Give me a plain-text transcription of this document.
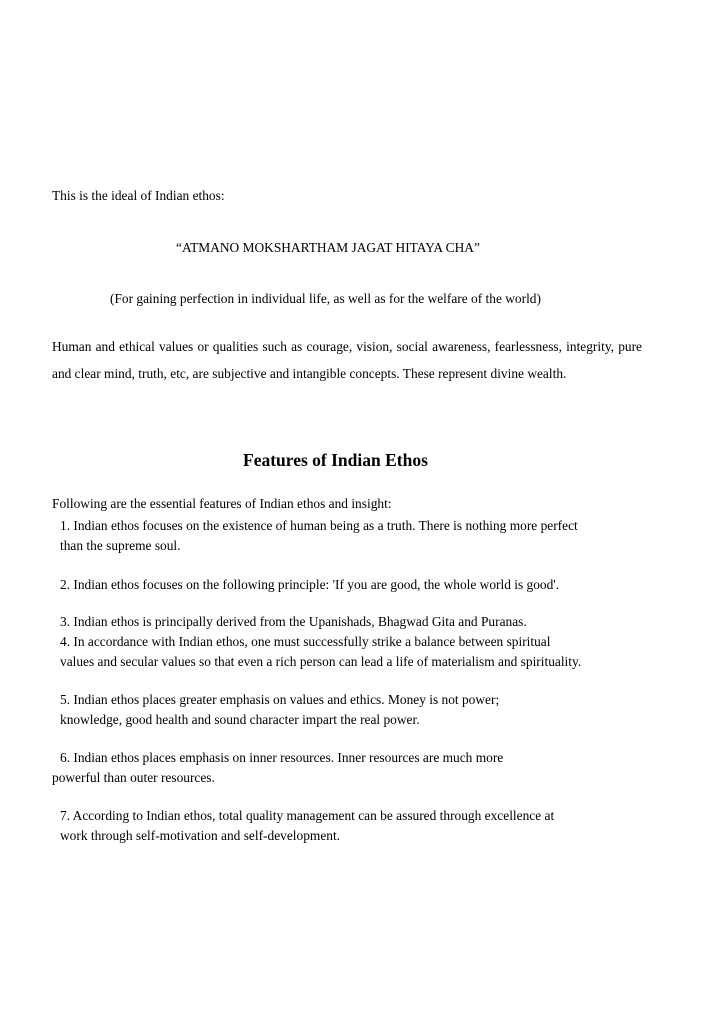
This is the ideal of Indian ethos:
“ATMANO MOKSHARTHAM JAGAT HITAYA CHA”
(For gaining perfection in individual life, as well as for the welfare of the world)
Human and ethical values or qualities such as courage, vision, social awareness, fearlessness, integrity, pure and clear mind, truth, etc, are subjective and intangible concepts. These represent divine wealth.
Features of Indian Ethos
Following are the essential features of Indian ethos and insight:
1. Indian ethos focuses on the existence of human being as a truth. There is nothing more perfect
than the supreme soul.
2. Indian ethos focuses on the following principle: 'If you are good, the whole world is good'.
3. Indian ethos is principally derived from the Upanishads, Bhagwad Gita and Puranas.
4. In accordance with Indian ethos, one must successfully strike a balance between spiritual
values and secular values so that even a rich person can lead a life of materialism and spirituality.
5. Indian ethos places greater emphasis on values and ethics. Money is not power;
knowledge, good health and sound character impart the real power.
6. Indian ethos places emphasis on inner resources. Inner resources are much more
powerful than outer resources.
7. According to Indian ethos, total quality management can be assured through excellence at
work through self-motivation and self-development.
